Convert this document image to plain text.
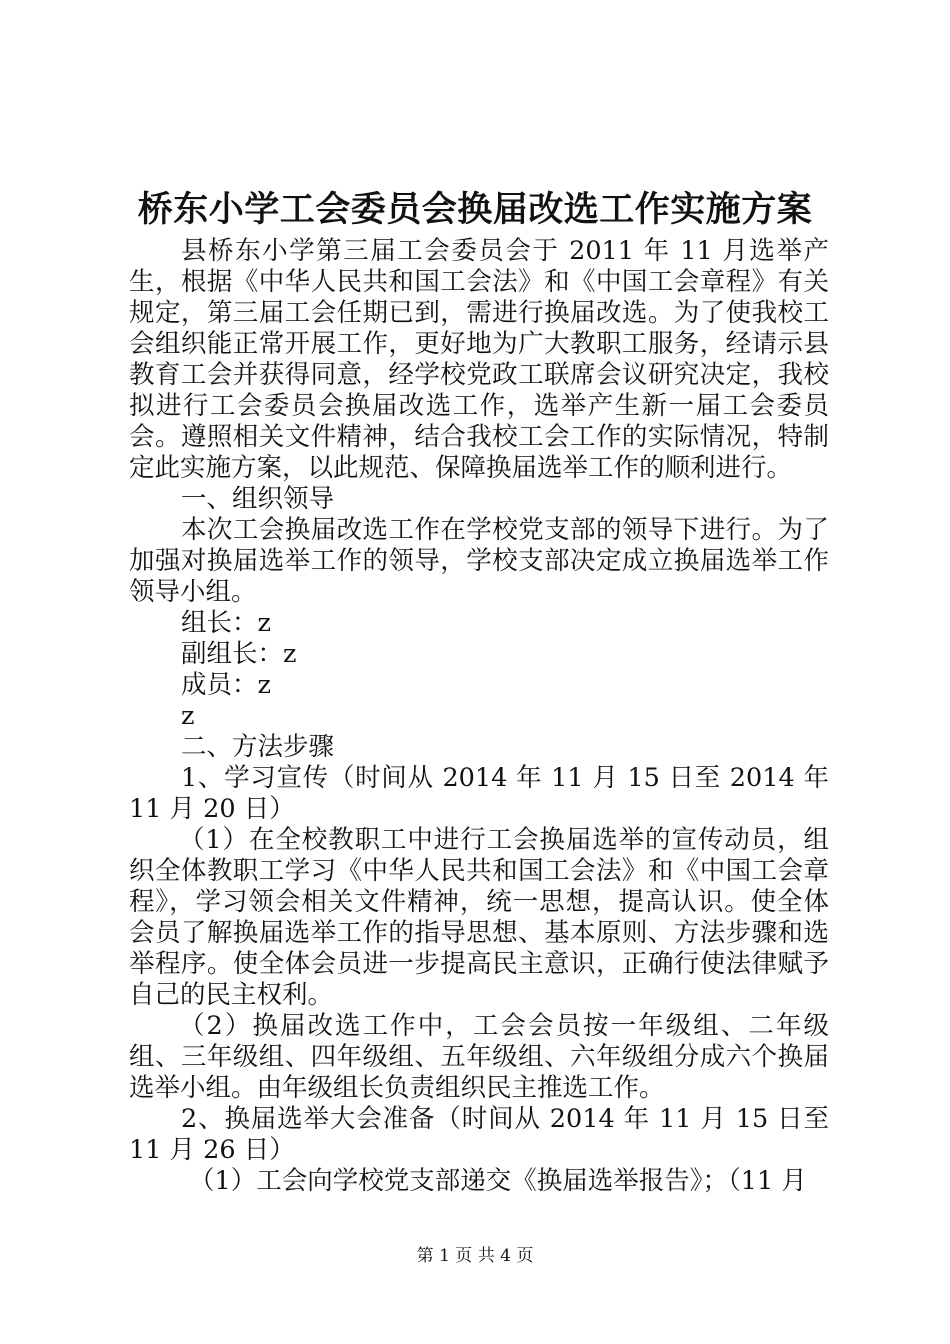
桥东小学工会委员会换届改选工作实施方案

县桥东小学第三届工会委员会于 2011 年 11 月选举产生，根据《中华人民共和国工会法》和《中国工会章程》有关规定，第三届工会任期已到，需进行换届改选。为了使我校工会组织能正常开展工作，更好地为广大教职工服务，经请示县教育工会并获得同意，经学校党政工联席会议研究决定，我校拟进行工会委员会换届改选工作，选举产生新一届工会委员会。遵照相关文件精神，结合我校工会工作的实际情况，特制定此实施方案，以此规范、保障换届选举工作的顺利进行。

一、组织领导

本次工会换届改选工作在学校党支部的领导下进行。为了加强对换届选举工作的领导，学校支部决定成立换届选举工作领导小组。

组长：z

副组长：z

成员：z

z

二、方法步骤

1、学习宣传（时间从 2014 年 11 月 15 日至 2014 年 11 月 20 日）

（1）在全校教职工中进行工会换届选举的宣传动员，组织全体教职工学习《中华人民共和国工会法》和《中国工会章程》，学习领会相关文件精神，统一思想，提高认识。使全体会员了解换届选举工作的指导思想、基本原则、方法步骤和选举程序。使全体会员进一步提高民主意识，正确行使法律赋予自己的民主权利。

（2）换届改选工作中，工会会员按一年级组、二年级组、三年级组、四年级组、五年级组、六年级组分成六个换届选举小组。由年级组长负责组织民主推选工作。

2、换届选举大会准备（时间从 2014 年 11 月 15 日至 11 月 26 日）

（1）工会向学校党支部递交《换届选举报告》；（11 月

第 1 页 共 4 页
